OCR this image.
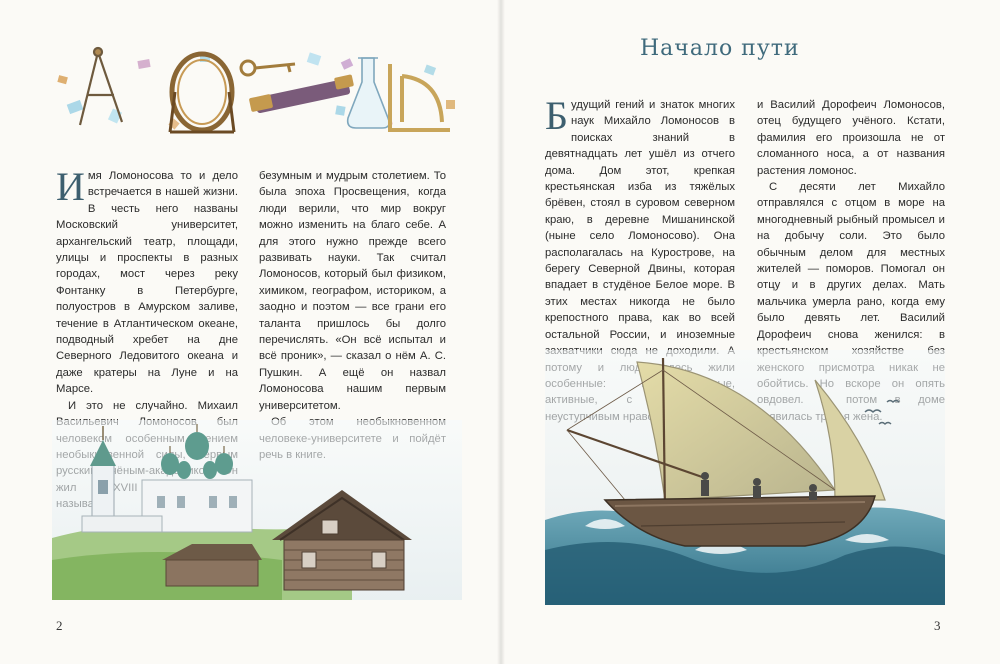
Имя Ломоносова то и дело встречается в нашей жизни. В честь него названы Московский университет, архангельский театр, площади, улицы и проспекты в разных городах, мост через реку Фонтанку в Петербурге, полуостров в Амурском заливе, течение в Атлантическом океане, подводный хребет на дне Северного Ледовитого океана и даже кратеры на Луне и на Марсе.

И это не случайно. Михаил

безумным и мудрым столетием. То была эпоха Просвещения, когда люди верили, что мир вокруг можно изменить на благо себе. А для этого нужно прежде всего развивать науки. Так считал Ломоносов, который был физиком, химиком, географом, историком, а заодно и поэтом — все грани его таланта пришлось бы долго перечислять. «Он всё испытал и всё проник», — сказал о нём А. С. Пушкин. А ещё он назвал Ломоносова нашим первым университетом.

2
Начало пути

Будущий гений и знаток многих наук Михайло Ломоносов в поисках знаний в девятнадцать лет ушёл из отчего дома. Дом этот, крепкая крестьянская изба из тяжёлых брёвен, стоял в суровом северном краю, в деревне Мишанинской (ныне село Ломоносово). Она располагалась на Курострове, на берегу Северной Двины, которая впадает в студёное Белое море. В этих местах никогда не было крепостного права, как во всей остальной России, и иноземные

и Василий Дорофеич Ломоносов, отец будущего учёного. Кстати, фамилия его произошла не от сломанного носа, а от названия растения ломонос.

С десяти лет Михайло отправлялся с отцом в море на многодневный рыбный промысел и на добычу соли. Это было обычным делом для местных жителей — поморов. Помогал он отцу и в других делах. Мать мальчика умерла рано, когда ему было девять лет. Василий Дорофеич снова женился: в

3
